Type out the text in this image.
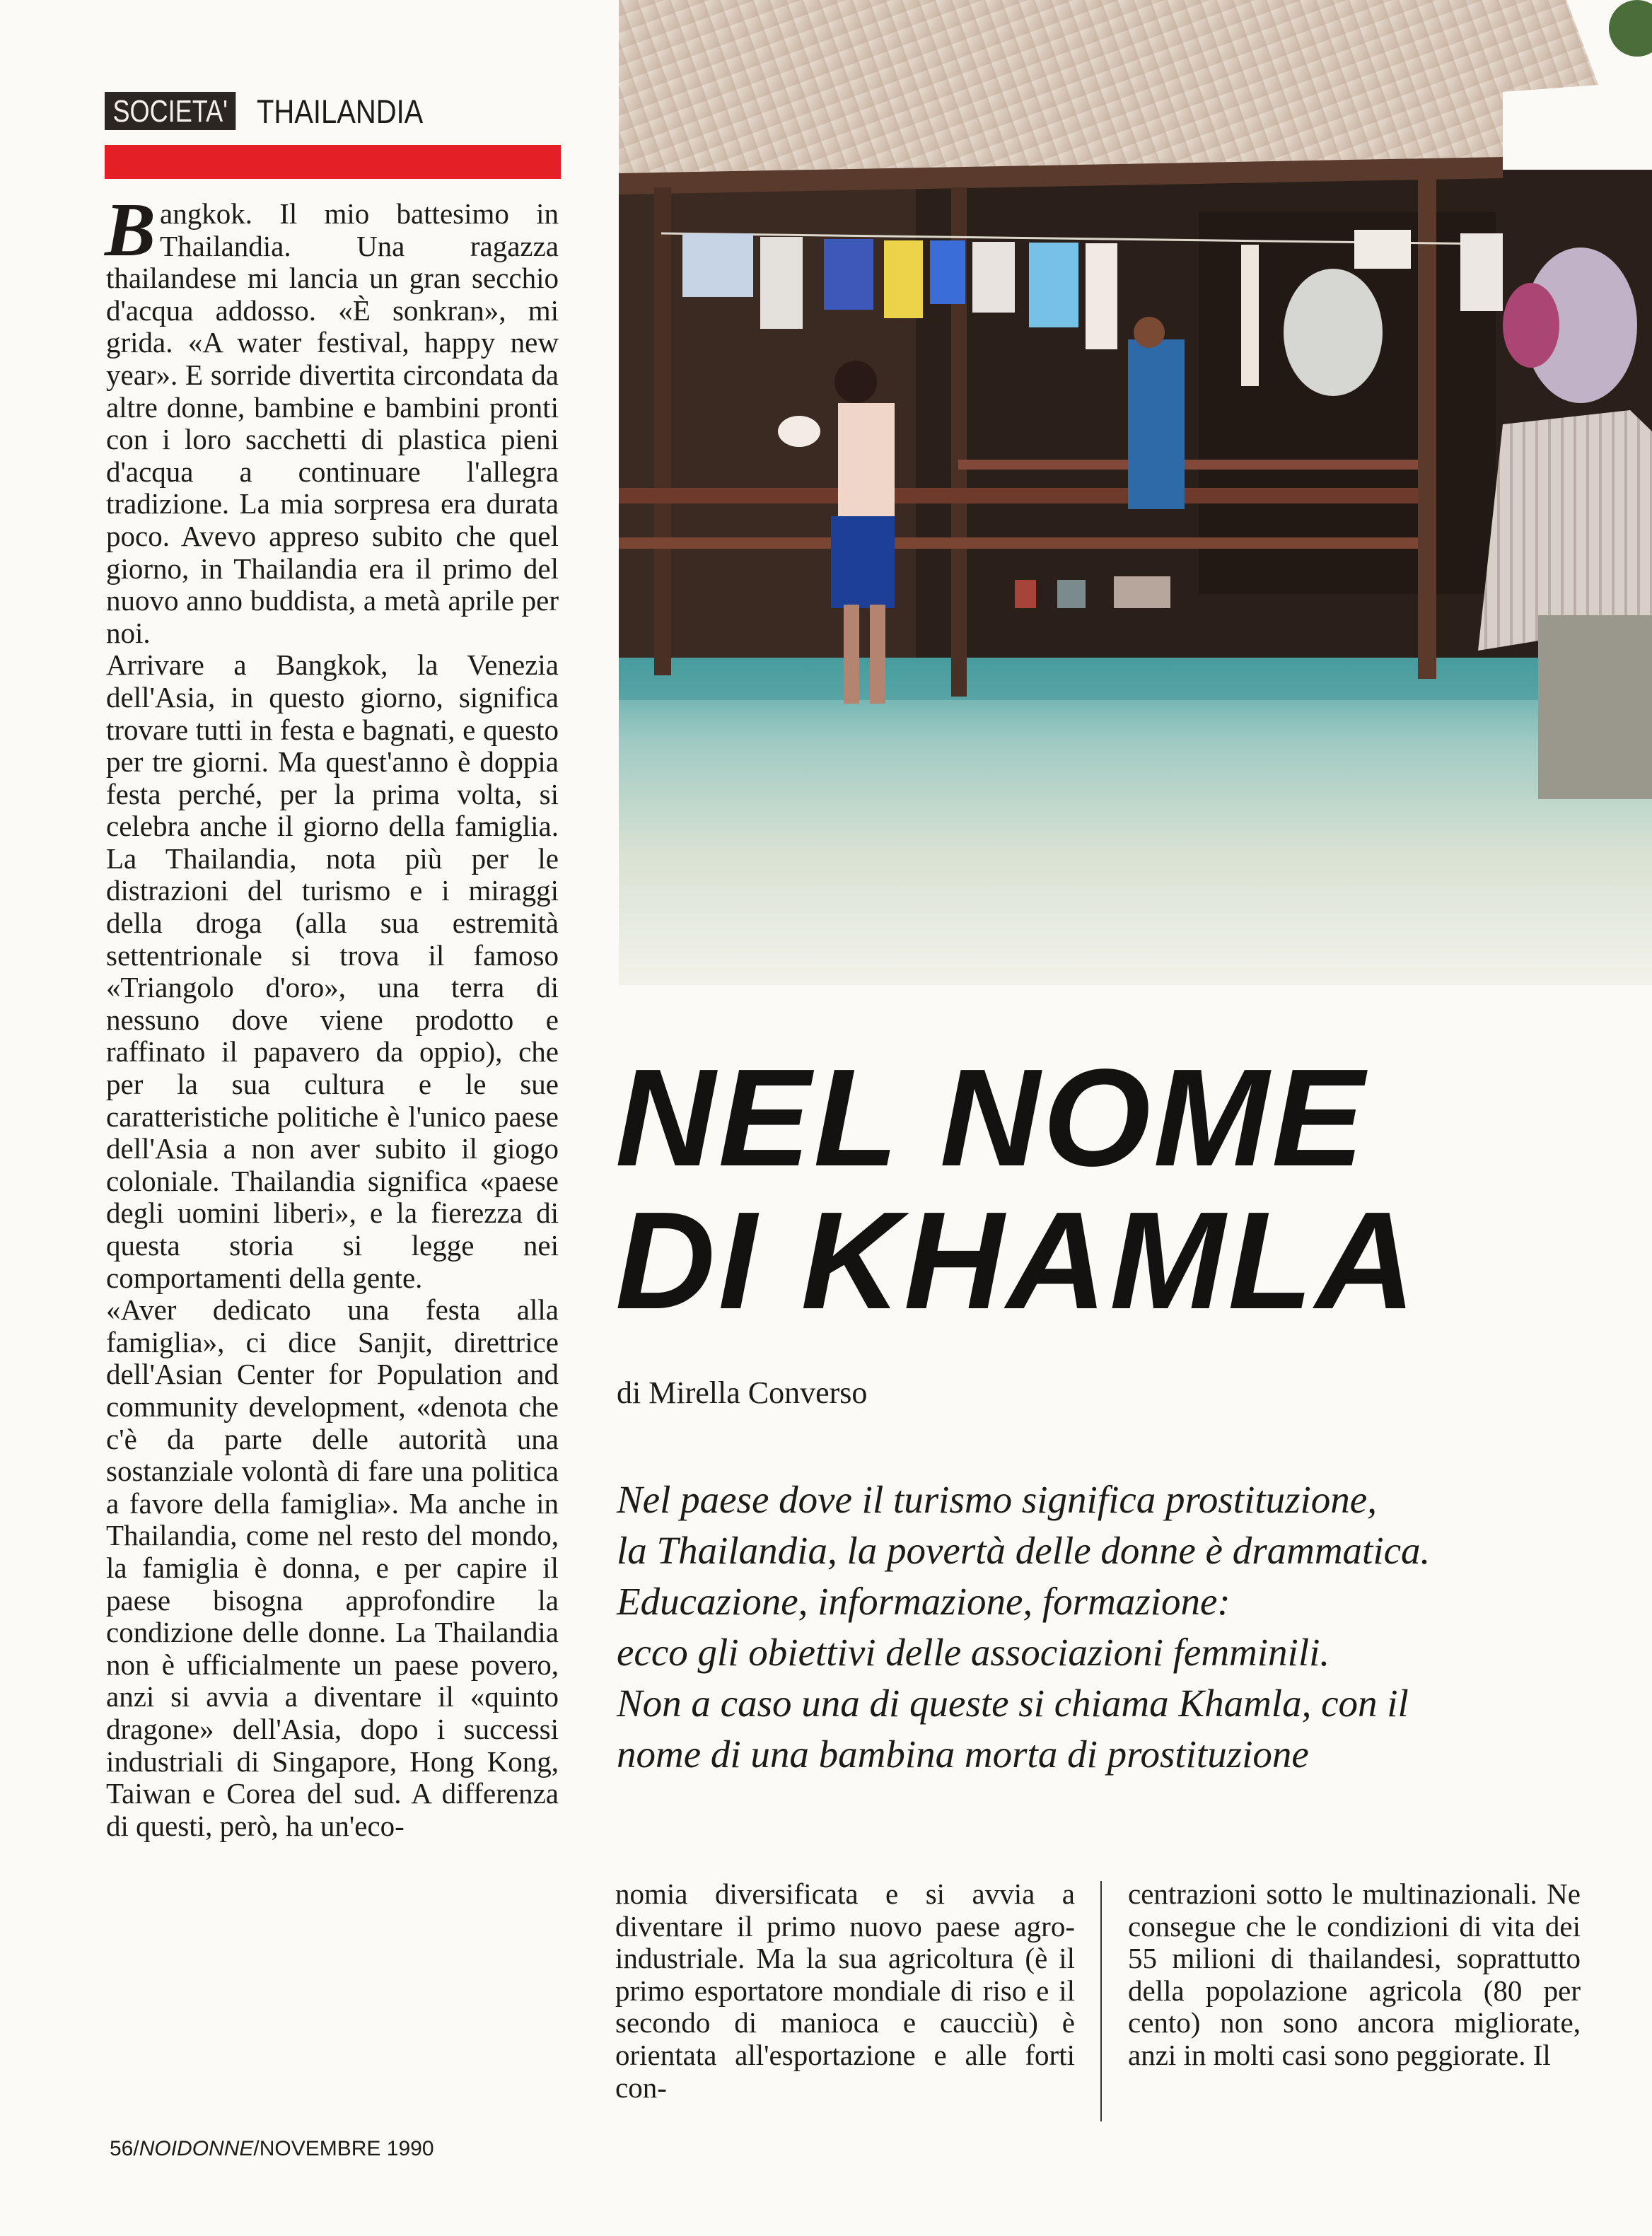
SOCIETA' THAILANDIA

Bangkok. Il mio battesimo in Thailandia. Una ragazza thailandese mi lancia un gran secchio d'acqua addosso. «È sonkran», mi grida. «A water festival, happy new year». E sorride divertita circondata da altre donne, bambine e bambini pronti con i loro sacchetti di plastica pieni d'acqua a continuare l'allegra tradizione. La mia sorpresa era durata poco. Avevo appreso subito che quel giorno, in Thailandia era il primo del nuovo anno buddista, a metà aprile per noi.

Arrivare a Bangkok, la Venezia dell'Asia, in questo giorno, significa trovare tutti in festa e bagnati, e questo per tre giorni. Ma quest'anno è doppia festa perché, per la prima volta, si celebra anche il giorno della famiglia. La Thailandia, nota più per le distrazioni del turismo e i miraggi della droga (alla sua estremità settentrionale si trova il famoso «Triangolo d'oro», una terra di nessuno dove viene prodotto e raffinato il papavero da oppio), che per la sua cultura e le sue caratteristiche politiche è l'unico paese dell'Asia a non aver subito il giogo coloniale. Thailandia significa «paese degli uomini liberi», e la fierezza di questa storia si legge nei comportamenti della gente.

«Aver dedicato una festa alla famiglia», ci dice Sanjit, direttrice dell'Asian Center for Population and community development, «denota che c'è da parte delle autorità una sostanziale volontà di fare una politica a favore della famiglia». Ma anche in Thailandia, come nel resto del mondo, la famiglia è donna, e per capire il paese bisogna approfondire la condizione delle donne. La Thailandia non è ufficialmente un paese povero, anzi si avvia a diventare il «quinto dragone» dell'Asia, dopo i successi industriali di Singapore, Hong Kong, Taiwan e Corea del sud. A differenza di questi, però, ha un'eco-

NEL NOME
DI KHAMLA
di Mirella Converso
Nel paese dove il turismo significa prostituzione,
la Thailandia, la povertà delle donne è drammatica.
Educazione, informazione, formazione:
ecco gli obiettivi delle associazioni femminili.
Non a caso una di queste si chiama Khamla, con il
nome di una bambina morta di prostituzione
nomia diversificata e si avvia a diventare il primo nuovo paese agro-industriale. Ma la sua agricoltura (è il primo esportatore mondiale di riso e il secondo di manioca e caucciù) è orientata all'esportazione e alle forti con-
centrazioni sotto le multinazionali. Ne consegue che le condizioni di vita dei 55 milioni di thailandesi, soprattutto della popolazione agricola (80 per cento) non sono ancora migliorate, anzi in molti casi sono peggiorate. Il
56/NOIDONNE/NOVEMBRE 1990
